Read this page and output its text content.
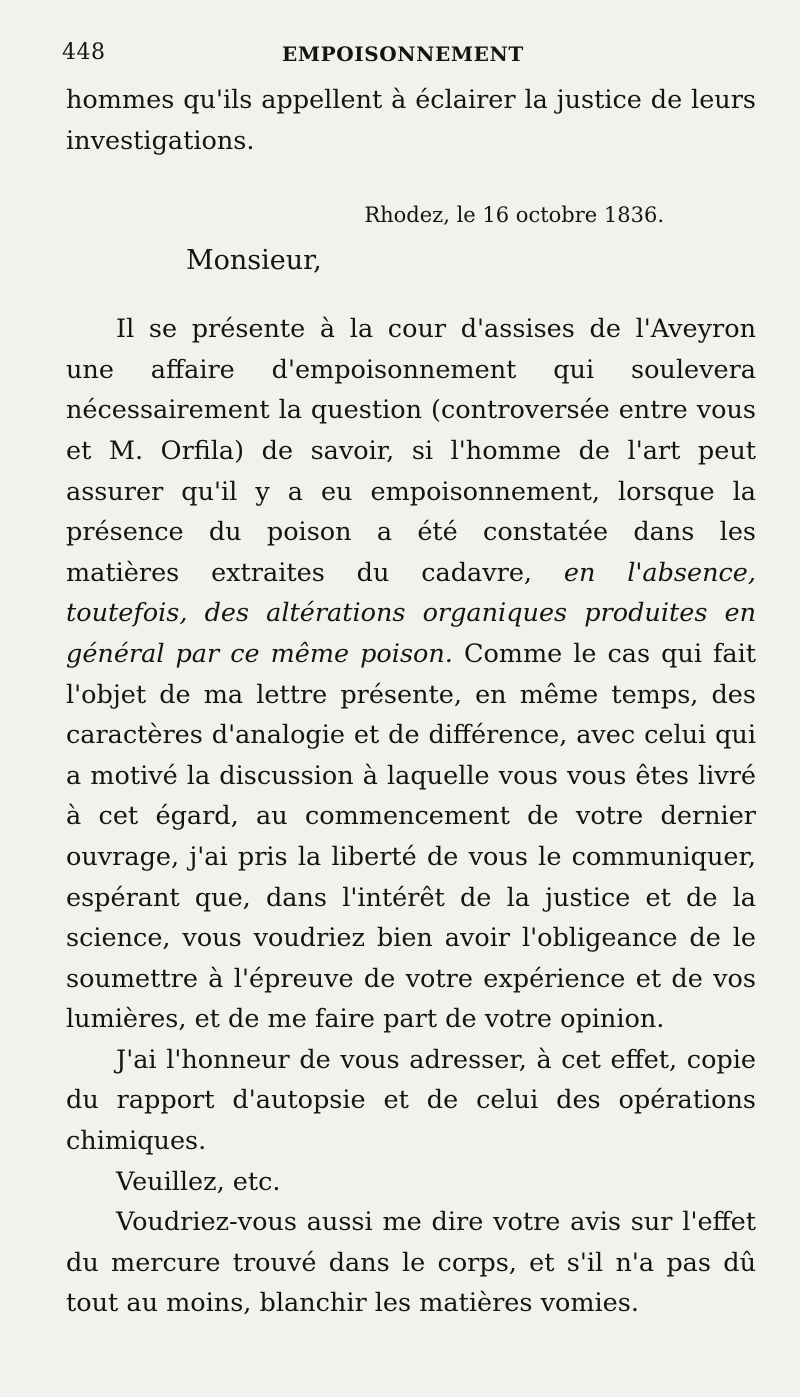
448	EMPOISONNEMENT

hommes qu'ils appellent à éclairer la justice de leurs investigations.

Rhodez, le 16 octobre 1836.

Monsieur,

Il se présente à la cour d'assises de l'Aveyron une affaire d'empoisonnement qui soulevera nécessairement la question (controversée entre vous et M. Orfila) de savoir, si l'homme de l'art peut assurer qu'il y a eu empoisonnement, lorsque la présence du poison a été constatée dans les matières extraites du cadavre, en l'absence, toutefois, des altérations organiques produites en général par ce même poison. Comme le cas qui fait l'objet de ma lettre présente, en même temps, des caractères d'analogie et de différence, avec celui qui a motivé la discussion à laquelle vous vous êtes livré à cet égard, au commencement de votre dernier ouvrage, j'ai pris la liberté de vous le communiquer, espérant que, dans l'intérêt de la justice et de la science, vous voudriez bien avoir l'obligeance de le soumettre à l'épreuve de votre expérience et de vos lumières, et de me faire part de votre opinion.

J'ai l'honneur de vous adresser, à cet effet, copie du rapport d'autopsie et de celui des opérations chimiques.

Veuillez, etc.

Voudriez-vous aussi me dire votre avis sur l'effet du mercure trouvé dans le corps, et s'il n'a pas dû tout au moins, blanchir les matières vomies.
